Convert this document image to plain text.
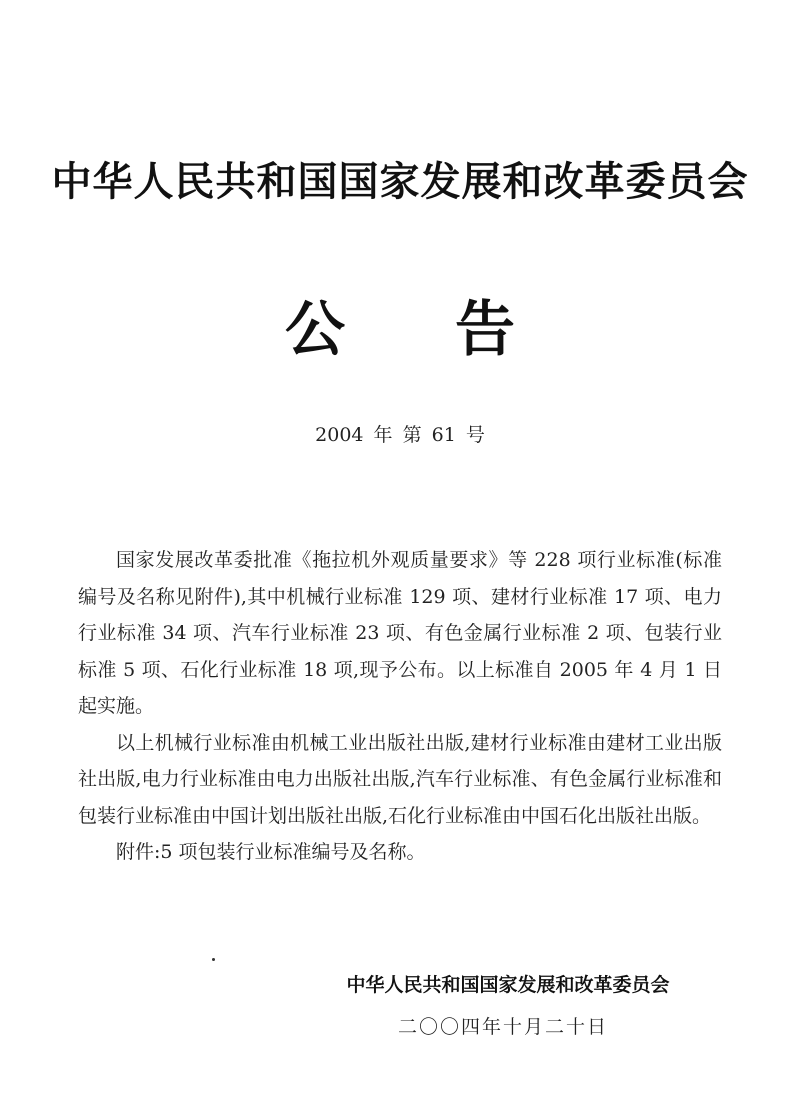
中华人民共和国国家发展和改革委员会
公告
2004 年 第 61 号

国家发展改革委批准《拖拉机外观质量要求》等 228 项行业标准(标准编号及名称见附件),其中机械行业标准 129 项、建材行业标准 17 项、电力行业标准 34 项、汽车行业标准 23 项、有色金属行业标准 2 项、包装行业标准 5 项、石化行业标准 18 项,现予公布。以上标准自 2005 年 4 月 1 日起实施。

以上机械行业标准由机械工业出版社出版,建材行业标准由建材工业出版社出版,电力行业标准由电力出版社出版,汽车行业标准、有色金属行业标准和包装行业标准由中国计划出版社出版,石化行业标准由中国石化出版社出版。

附件:5 项包装行业标准编号及名称。

中华人民共和国国家发展和改革委员会
二〇〇四年十月二十日
